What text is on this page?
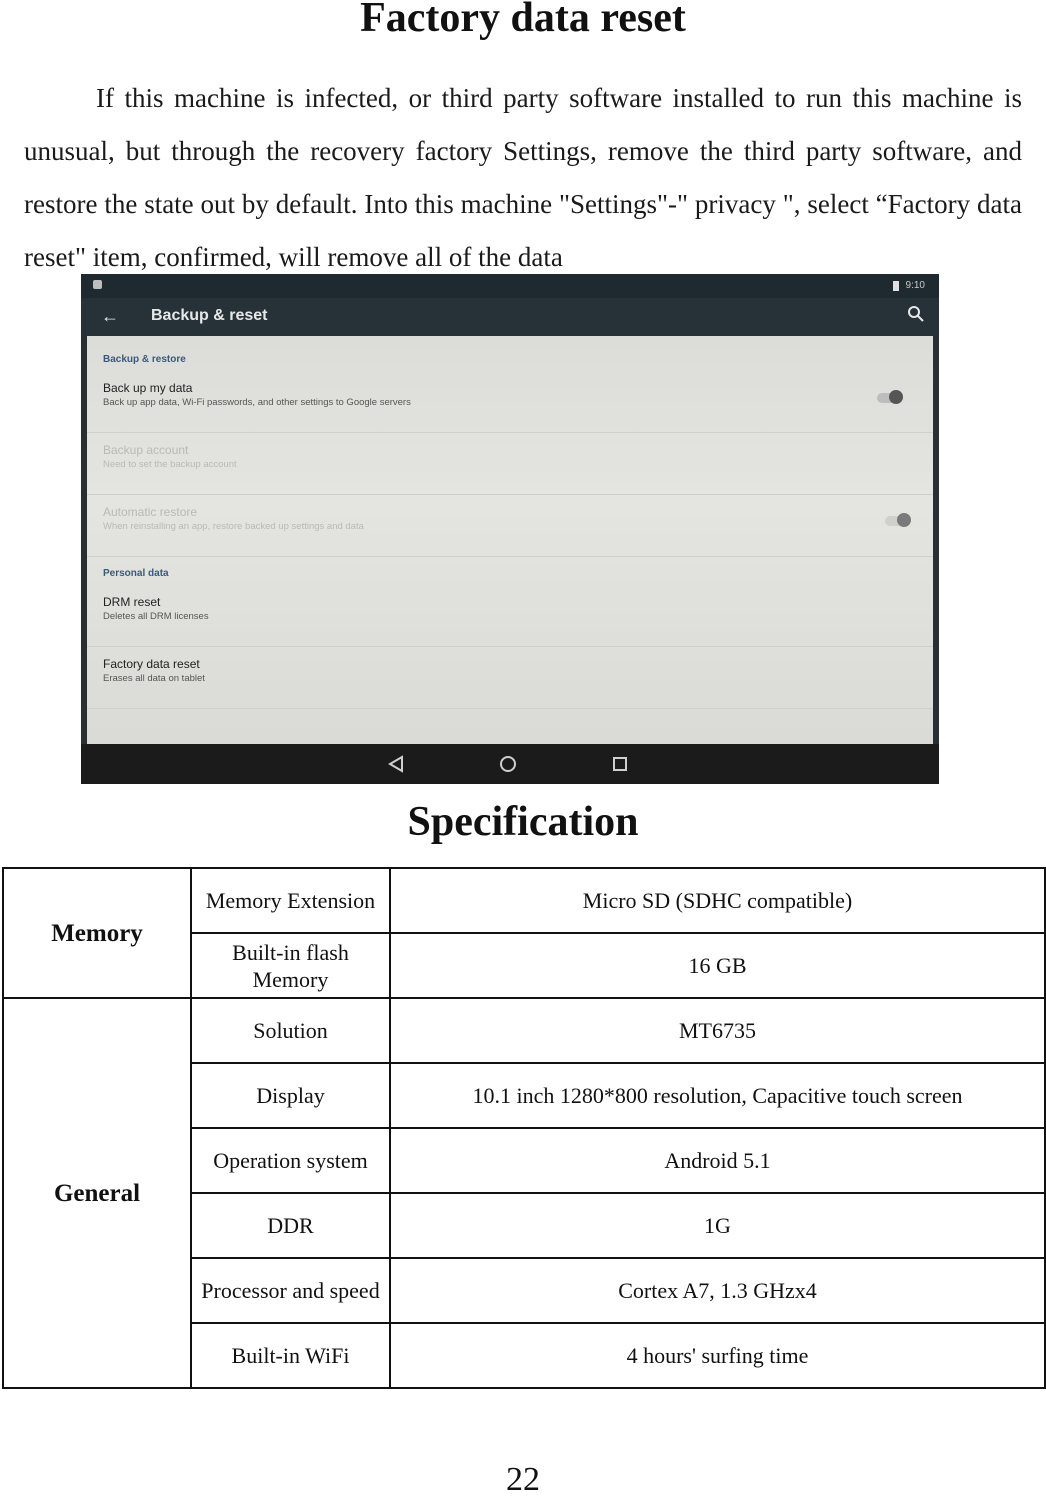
Factory data reset

If this machine is infected, or third party software installed to run this machine is unusual, but through the recovery factory Settings, remove the third party software, and restore the state out by default. Into this machine "Settings"-" privacy ", select “Factory data reset" item, confirmed, will remove all of the data

9:10
← Backup & reset
Backup & restore
Back up my data
Back up app data, Wi-Fi passwords, and other settings to Google servers
Backup account
Need to set the backup account
Automatic restore
When reinstalling an app, restore backed up settings and data
Personal data
DRM reset
Deletes all DRM licenses
Factory data reset
Erases all data on tablet
Specification
Memory	Memory Extension	Micro SD (SDHC compatible)
	Built-in flash Memory	16 GB
General	Solution	MT6735
	Display	10.1 inch 1280*800 resolution, Capacitive touch screen
	Operation system	Android 5.1
	DDR	1G
	Processor and speed	Cortex A7, 1.3 GHzx4
	Built-in WiFi	4 hours' surfing time
22
